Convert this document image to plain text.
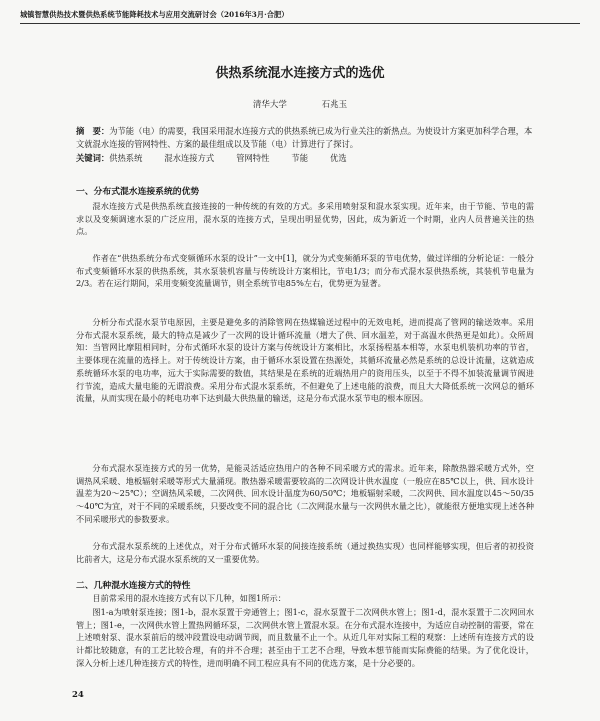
城镇智慧供热技术暨供热系统节能降耗技术与应用交流研讨会（2016年3月·合肥）
供热系统混水连接方式的选优
清华大学	石兆玉
摘　要：为节能（电）的需要，我国采用混水连接方式的供热系统已成为行业关注的新热点。为使设计方案更加科学合理，本文就混水连接的管网特性、方案的最佳组成以及节能（电）计算进行了探讨。
关键词：供热系统	混水连接方式	管网特性	节能	优选
一、分布式混水连接系统的优势
混水连接方式是供热系统直接连接的一种传统的有效的方式。多采用喷射泵和混水泵实现。近年来，由于节能、节电的需求以及变频调速水泵的广泛应用，混水泵的连接方式，呈现出明显优势，因此，成为新近一个时期，业内人员普遍关注的热点。
作者在“供热系统分布式变频循环水泵的设计”一文中[1]，就分为式变频循环泵的节电优势，做过详细的分析论证：一般分布式变频循环水泵的供热系统，其水泵装机容量与传统设计方案相比，节电1/3；而分布式混水泵供热系统，其装机节电量为2/3。若在运行期间，采用变频变流量调节，则全系统节电85%左右，优势更为显著。
分析分布式混水泵节电原因，主要是避免多的消除管网在热媒输送过程中的无效电耗，进而提高了管网的输送效率。采用分布式混水泵系统，最大的特点是减少了一次网的设计循环流量（增大了供、回水温差，对于高温水供热更是如此）。众所周知：当管网比摩阻相同时，分布式循环水泵的设计方案与传统设计方案相比，水泵扬程基本相等，水泵电机装机功率的节省，主要体现在流量的选择上。对于传统设计方案，由于循环水泵设置在热源处，其循环流量必然是系统的总设计流量，这就造成系统循环水泵的电功率，远大于实际需要的数值，其结果是在系统的近端热用户的资用压头，以至于不得不加装流量调节阀进行节流，造成大量电能的无谓浪费。采用分布式混水泵系统，不但避免了上述电能的浪费，而且大大降低系统一次网总的循环流量，从而实现在最小的耗电功率下达到最大供热量的输送，这是分布式混水泵节电的根本原因。
分布式混水泵连接方式的另一优势，是能灵活适应热用户的各种不同采暖方式的需求。近年来，除散热器采暖方式外，空调热风采暖、地板辐射采暖等形式大量涌现。散热器采暖需要较高的二次网设计供水温度（一般应在85℃以上，供、回水设计温差为20～25℃）；空调热风采暖，二次网供、回水设计温度为60/50℃；地板辐射采暖，二次网供、回水温度以45～50/35～40℃为宜，对于不同的采暖系统，只要改变不同的混合比（二次网混水量与一次网供水量之比），就能很方便地实现上述各种不同采暖形式的参数要求。
分布式混水泵系统的上述优点，对于分布式循环水泵的间接连接系统（通过换热实现）也同样能够实现，但后者的初投资比前者大，这是分布式混水泵系统的又一重要优势。
二、几种混水连接方式的特性
目前常采用的混水连接方式有以下几种，如图1所示：
图1-a为喷射泵连接；图1-b，混水泵置于旁通管上；图1-c，混水泵置于二次网供水管上；图1-d，混水泵置于二次网回水管上；图1-e，一次网供水管上置热网循环泵，二次网供水管上置混水泵。在分布式混水连接中，为适应自动控制的需要，常在上述喷射泵、混水泵前后的缓冲段置设电动调节阀，而且数量不止一个。从近几年对实际工程的观察：上述所有连接方式的设计都比较随意，有的工艺比较合理，有的并不合理；甚至由于工艺不合理，导致本想节能而实际费能的结果。为了优化设计，深入分析上述几种连接方式的特性，进而明确不同工程应具有不同的优选方案，是十分必要的。
24
